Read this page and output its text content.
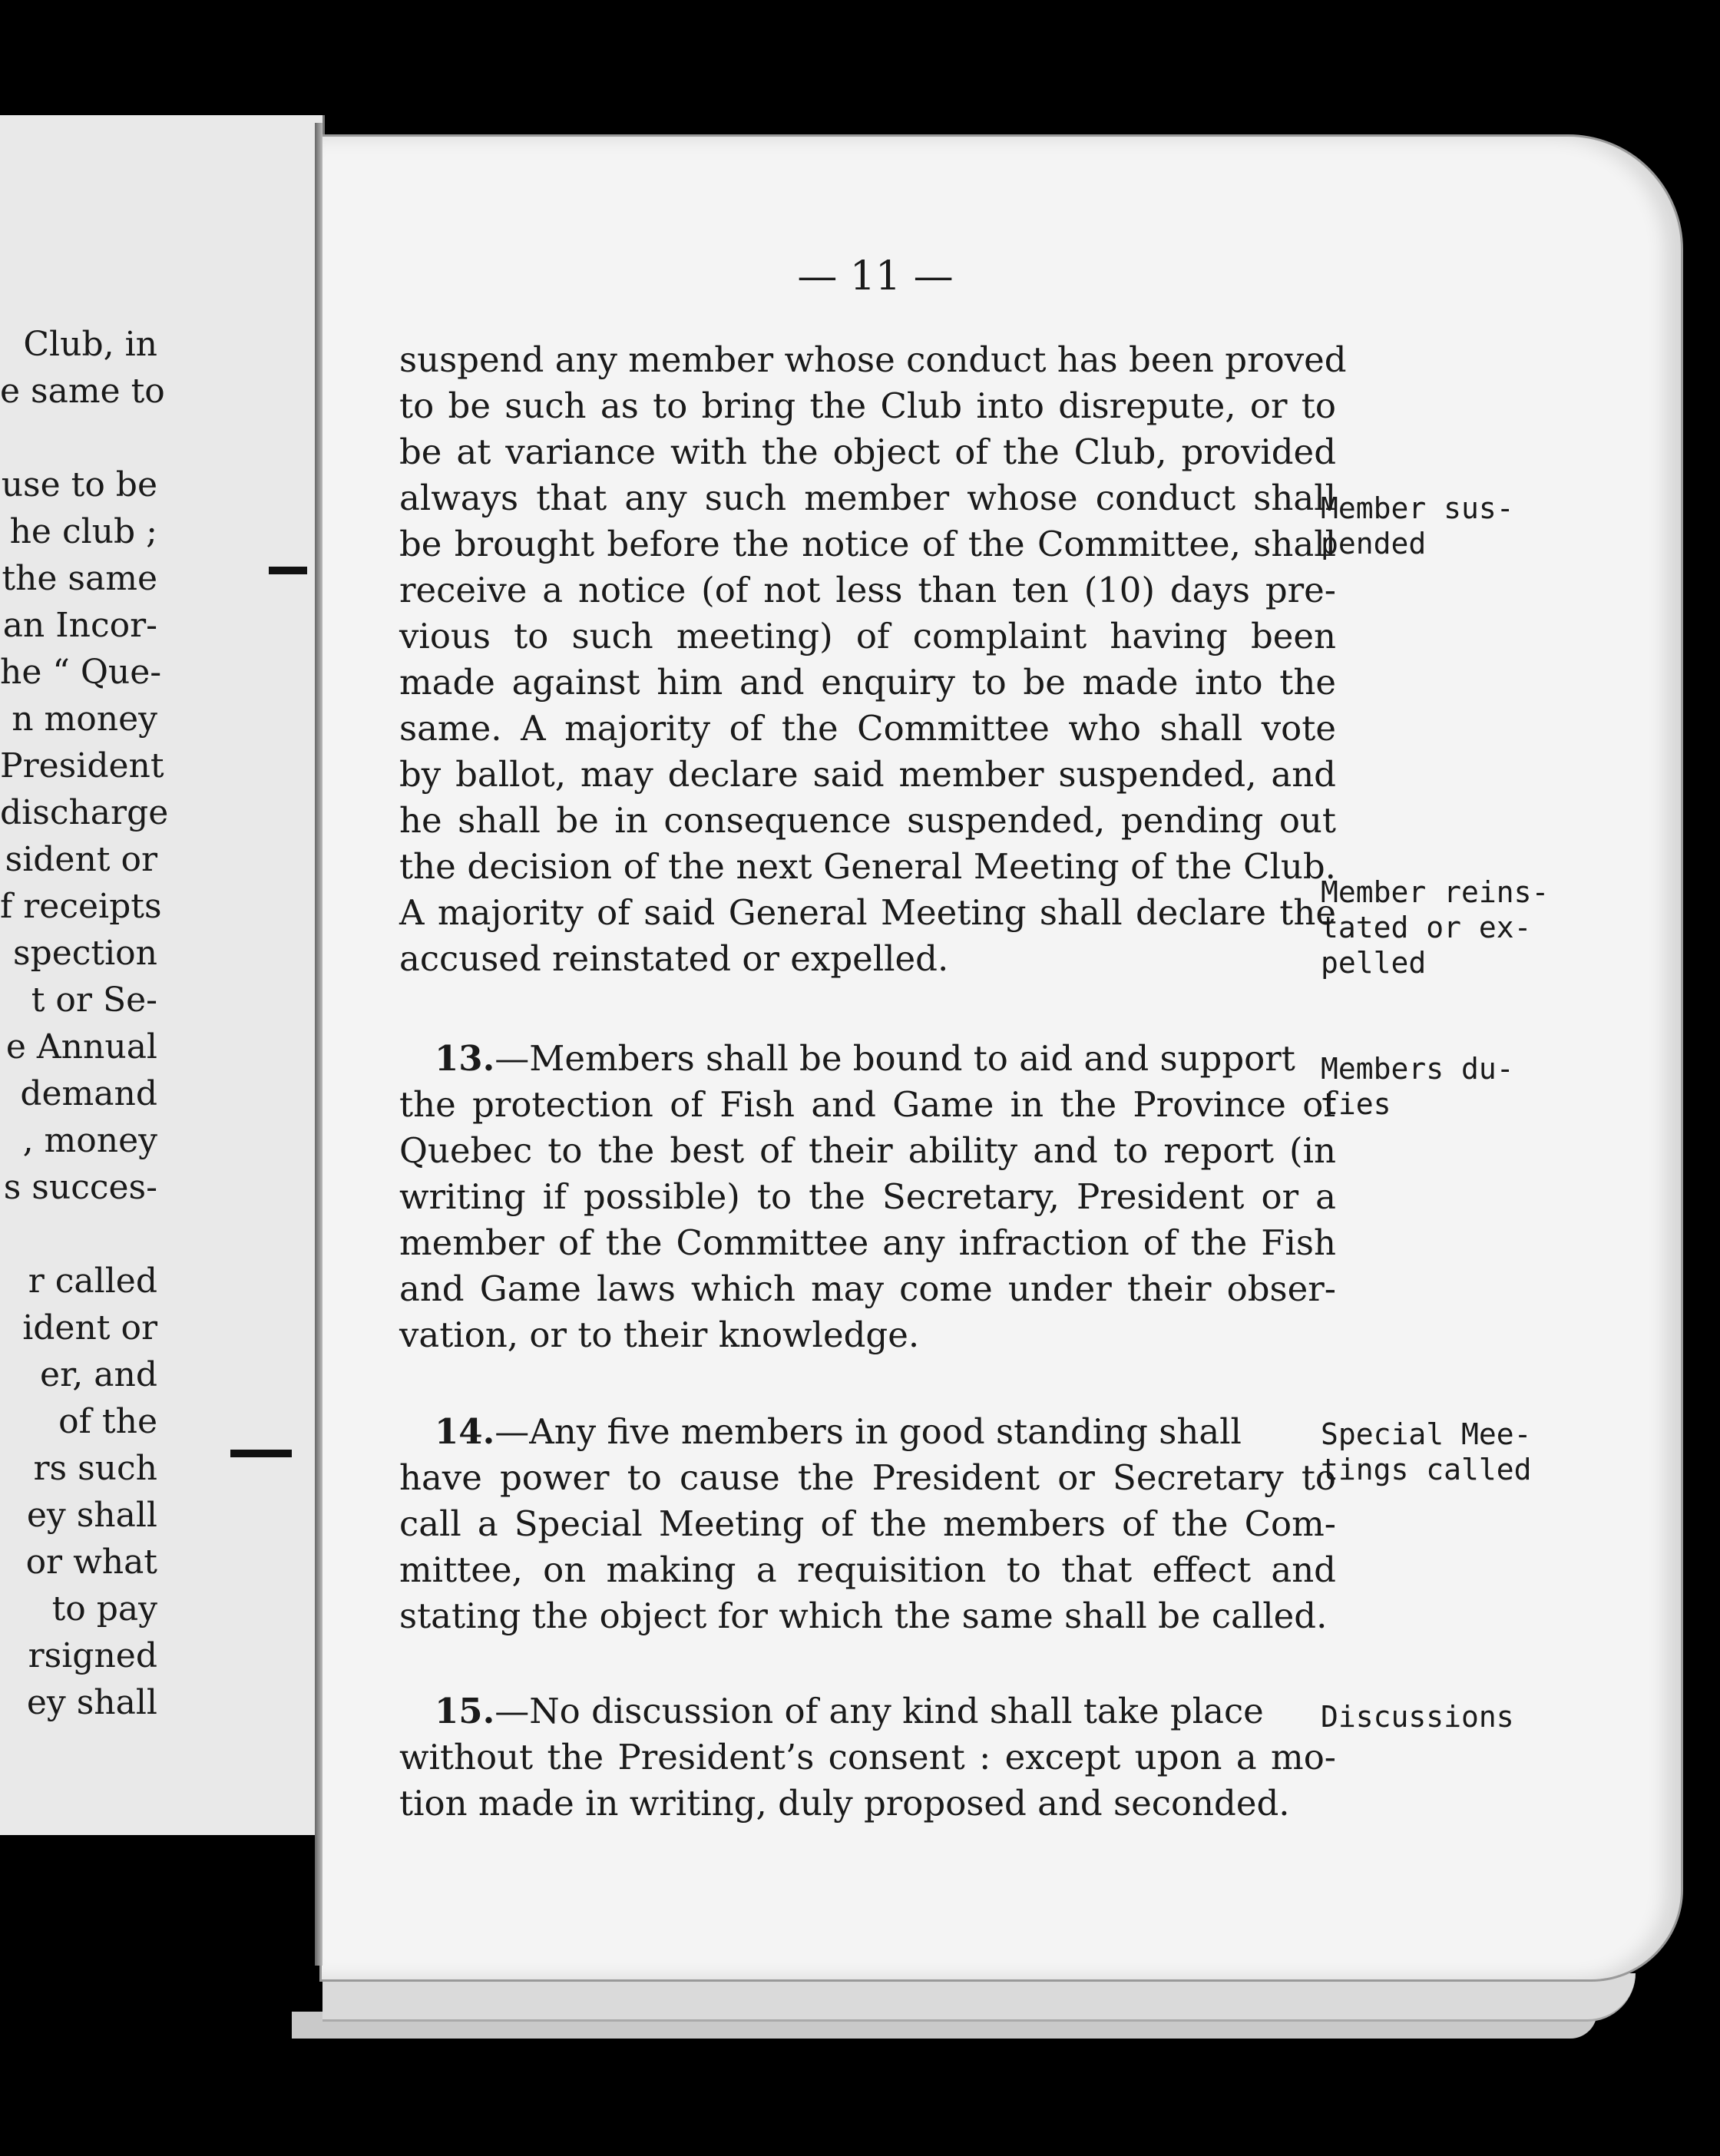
Club, in
e same to
use to be
he club ;
the same
an Incor-
he “ Que-
n money
President
discharge
sident or
f receipts
spection
t or Se-
e Annual
demand
, money
s succes-
r called
ident or
er, and
of the
rs such
ey shall
or what
to pay
rsigned
ey shall
— 11 —
suspend any member whose conduct has been proved
to be such as to bring the Club into disrepute, or to
be at variance with the object of the Club, provided
always that any such member whose conduct shall
be brought before the notice of the Committee, shall
receive a notice (of not less than ten (10) days pre-
vious to such meeting) of complaint having been
made against him and enquiry to be made into the
same. A majority of the Committee who shall vote
by ballot, may declare said member suspended, and
he shall be in consequence suspended, pending out
the decision of the next General Meeting of the Club.
A majority of said General Meeting shall declare the
accused reinstated or expelled.
13.—Members shall be bound to aid and support
the protection of Fish and Game in the Province of
Quebec to the best of their ability and to report (in
writing if possible) to the Secretary, President or a
member of the Committee any infraction of the Fish
and Game laws which may come under their obser-
vation, or to their knowledge.
14.—Any five members in good standing shall
have power to cause the President or Secretary to
call a Special Meeting of the members of the Com-
mittee, on making a requisition to that effect and
stating the object for which the same shall be called.
15.—No discussion of any kind shall take place
without the President’s consent : except upon a mo-
tion made in writing, duly proposed and seconded.
Member sus-
pended
Member reins-
tated or ex-
pelled
Members du-
ties
Special Mee-
tings called
Discussions
